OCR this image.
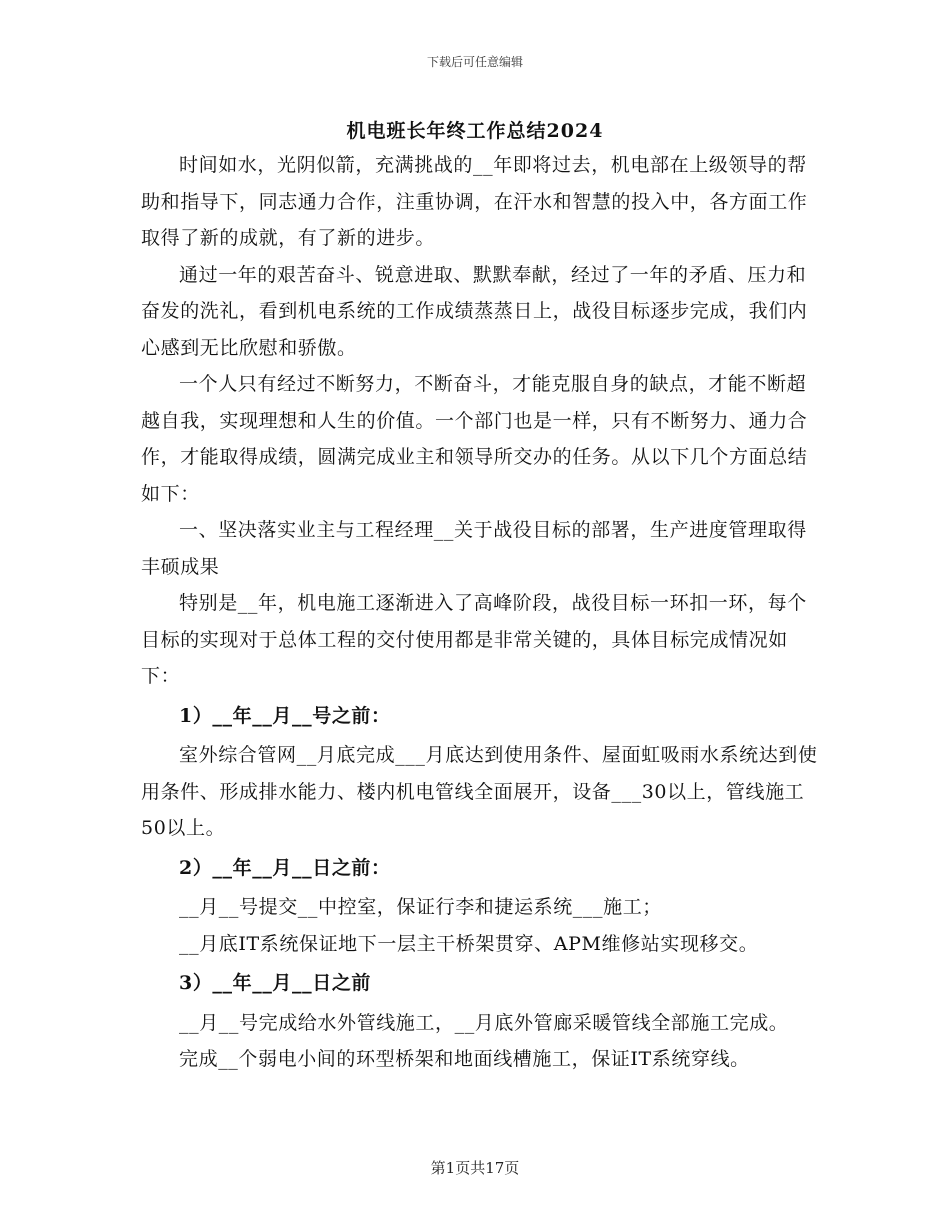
下载后可任意编辑
机电班长年终工作总结2024

时间如水，光阴似箭，充满挑战的__年即将过去，机电部在上级领导的帮助和指导下，同志通力合作，注重协调，在汗水和智慧的投入中，各方面工作取得了新的成就，有了新的进步。

通过一年的艰苦奋斗、锐意进取、默默奉献，经过了一年的矛盾、压力和奋发的洗礼，看到机电系统的工作成绩蒸蒸日上，战役目标逐步完成，我们内心感到无比欣慰和骄傲。

一个人只有经过不断努力，不断奋斗，才能克服自身的缺点，才能不断超越自我，实现理想和人生的价值。一个部门也是一样，只有不断努力、通力合作，才能取得成绩，圆满完成业主和领导所交办的任务。从以下几个方面总结如下：

一、坚决落实业主与工程经理__关于战役目标的部署，生产进度管理取得丰硕成果

特别是__年，机电施工逐渐进入了高峰阶段，战役目标一环扣一环，每个目标的实现对于总体工程的交付使用都是非常关键的，具体目标完成情况如下：

1）__年__月__号之前：

室外综合管网__月底完成___月底达到使用条件、屋面虹吸雨水系统达到使用条件、形成排水能力、楼内机电管线全面展开，设备___30以上，管线施工50以上。

2）__年__月__日之前：

__月__号提交__中控室，保证行李和捷运系统___施工；

__月底IT系统保证地下一层主干桥架贯穿、APM维修站实现移交。

3）__年__月__日之前

__月__号完成给水外管线施工，__月底外管廊采暖管线全部施工完成。

完成__个弱电小间的环型桥架和地面线槽施工，保证IT系统穿线。

第1页共17页
